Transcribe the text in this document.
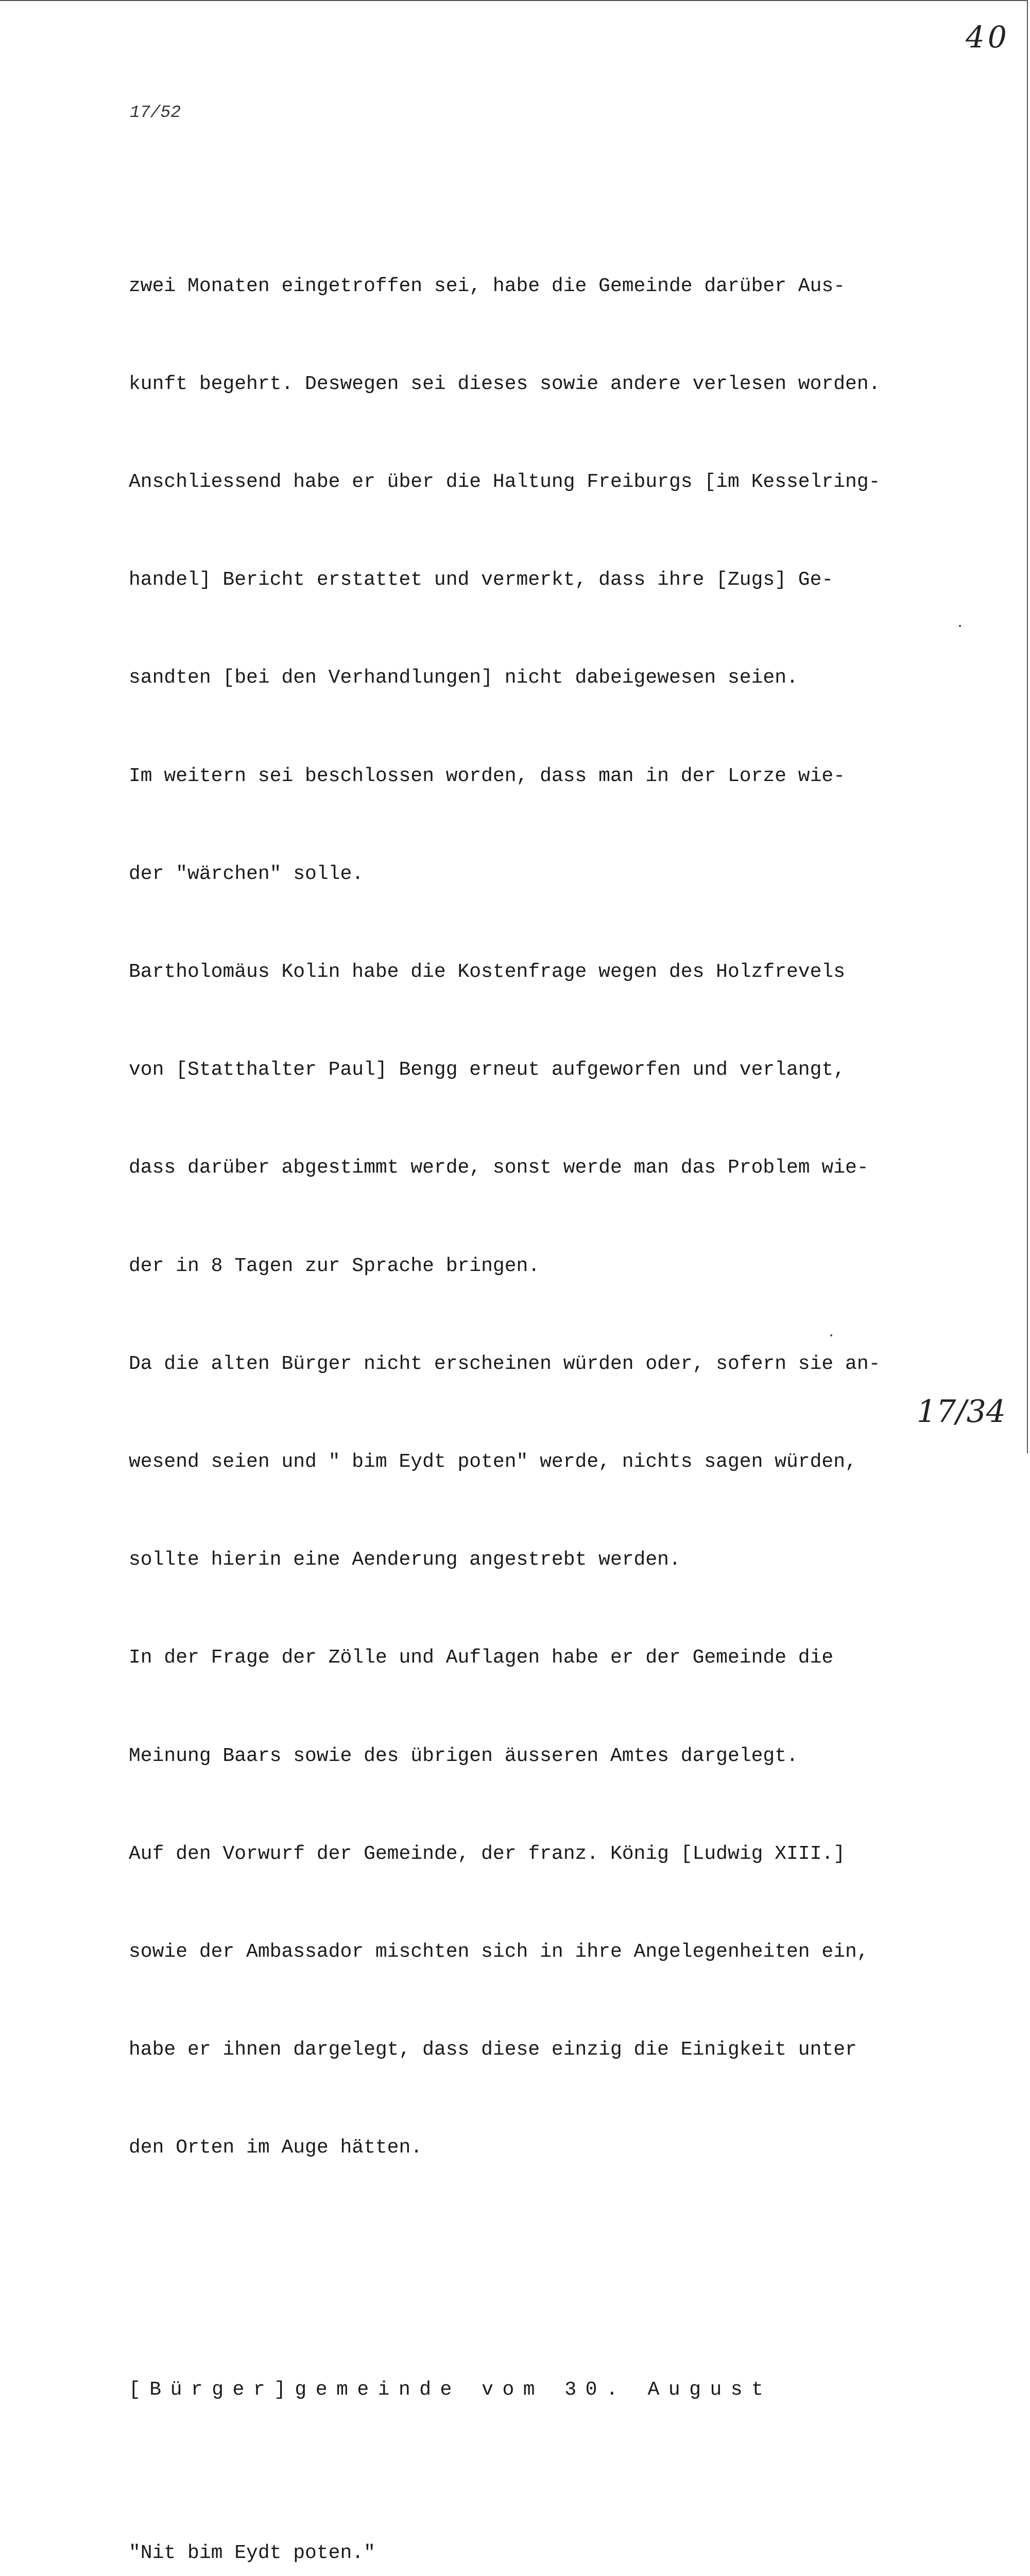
40
17/52

zwei Monaten eingetroffen sei, habe die Gemeinde darüber Aus-

kunft begehrt. Deswegen sei dieses sowie andere verlesen worden.

Anschliessend habe er über die Haltung Freiburgs [im Kesselring-

handel] Bericht erstattet und vermerkt, dass ihre [Zugs] Ge-

sandten [bei den Verhandlungen] nicht dabeigewesen seien.

Im weitern sei beschlossen worden, dass man in der Lorze wie-

der "wärchen" solle.

Bartholomäus Kolin habe die Kostenfrage wegen des Holzfrevels

von [Statthalter Paul] Bengg erneut aufgeworfen und verlangt,

dass darüber abgestimmt werde, sonst werde man das Problem wie-

der in 8 Tagen zur Sprache bringen.

Da die alten Bürger nicht erscheinen würden oder, sofern sie an-

wesend seien und " bim Eydt poten" werde, nichts sagen würden,

sollte hierin eine Aenderung angestrebt werden.

In der Frage der Zölle und Auflagen habe er der Gemeinde die

Meinung Baars sowie des übrigen äusseren Amtes dargelegt.

Auf den Vorwurf der Gemeinde, der franz. König [Ludwig XIII.]

sowie der Ambassador mischten sich in ihre Angelegenheiten ein,

habe er ihnen dargelegt, dass diese einzig die Einigkeit unter

den Orten im Auge hätten.

[Bürger]gemeinde vom 30. August

"Nit bim Eydt poten."

17/34
